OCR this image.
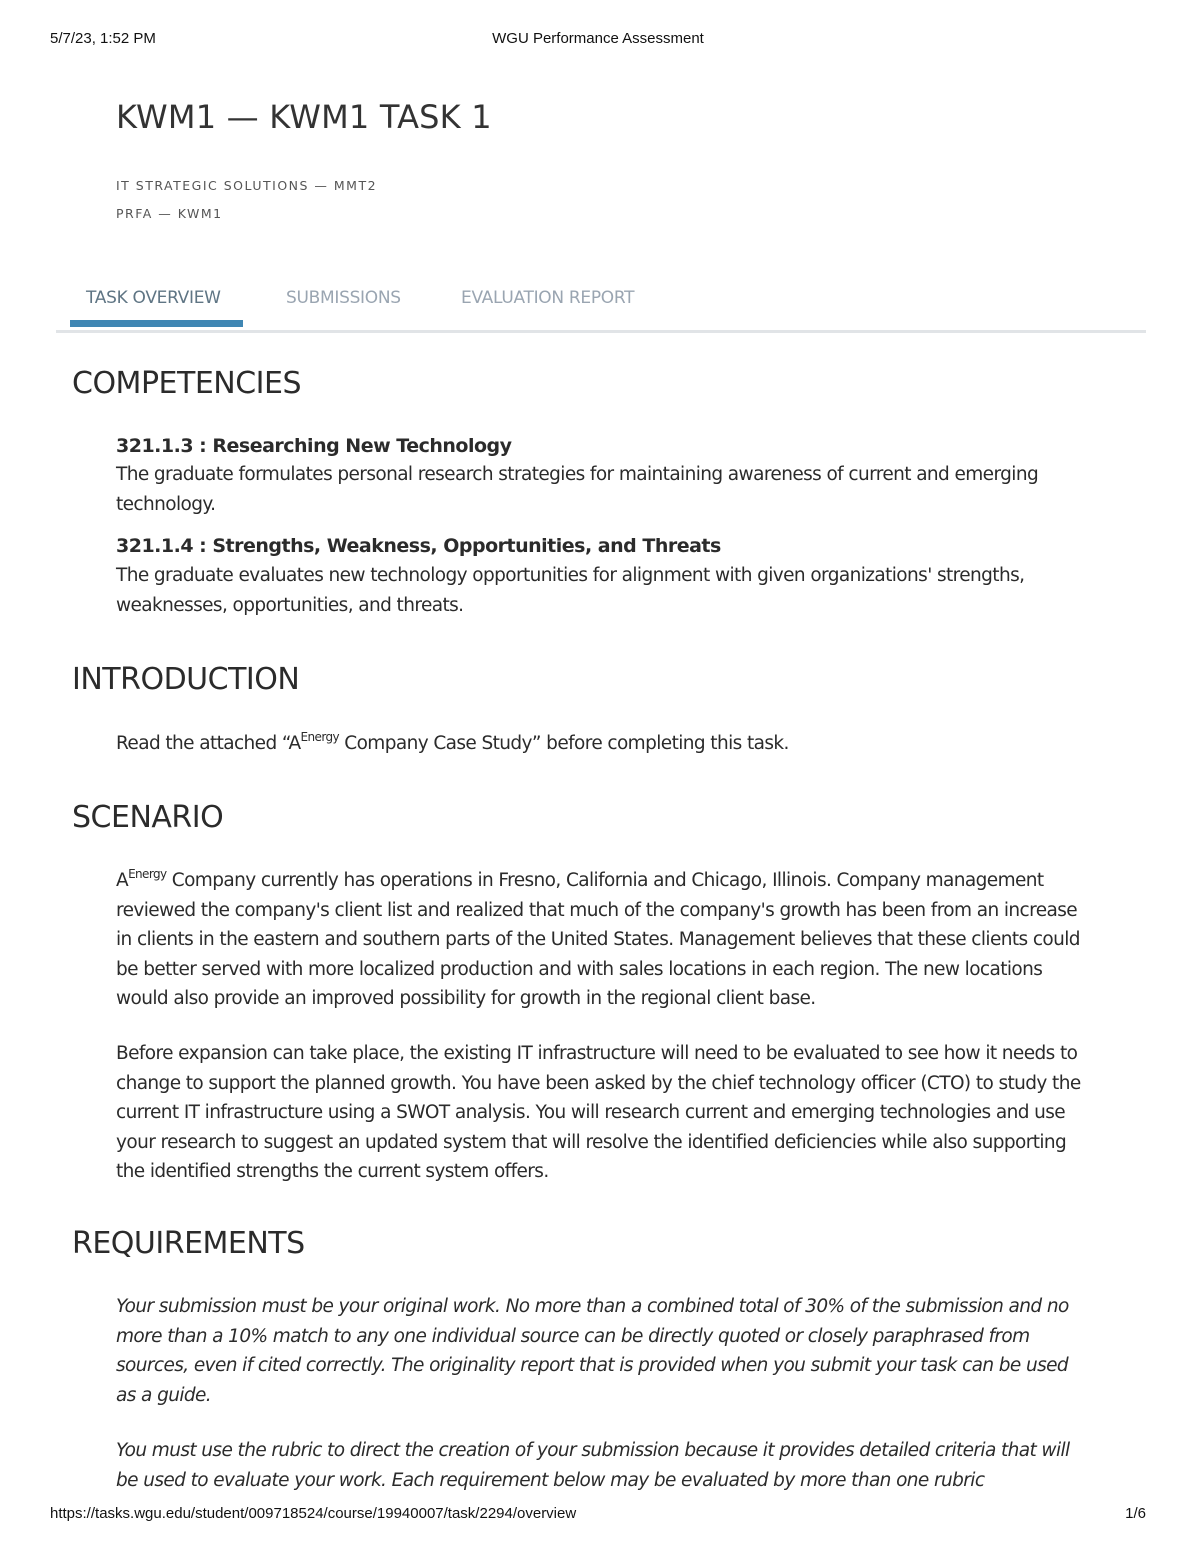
5/7/23, 1:52 PM	WGU Performance Assessment
KWM1 — KWM1 TASK 1
IT STRATEGIC SOLUTIONS — MMT2
PRFA — KWM1
TASK OVERVIEW	SUBMISSIONS	EVALUATION REPORT
COMPETENCIES
321.1.3 : Researching New Technology

The graduate formulates personal research strategies for maintaining awareness of current and emerging technology.

321.1.4 : Strengths, Weakness, Opportunities, and Threats

The graduate evaluates new technology opportunities for alignment with given organizations' strengths, weaknesses, opportunities, and threats.

INTRODUCTION

Read the attached “$A^{Energy}$ Company Case Study” before completing this task.

SCENARIO

$A^{Energy}$ Company currently has operations in Fresno, California and Chicago, Illinois. Company management reviewed the company's client list and realized that much of the company's growth has been from an increase in clients in the eastern and southern parts of the United States. Management believes that these clients could be better served with more localized production and with sales locations in each region. The new locations would also provide an improved possibility for growth in the regional client base.

Before expansion can take place, the existing IT infrastructure will need to be evaluated to see how it needs to change to support the planned growth. You have been asked by the chief technology officer (CTO) to study the current IT infrastructure using a SWOT analysis. You will research current and emerging technologies and use your research to suggest an updated system that will resolve the identified deficiencies while also supporting the identified strengths the current system offers.

REQUIREMENTS

Your submission must be your original work. No more than a combined total of 30% of the submission and no more than a 10% match to any one individual source can be directly quoted or closely paraphrased from sources, even if cited correctly. The originality report that is provided when you submit your task can be used as a guide.

You must use the rubric to direct the creation of your submission because it provides detailed criteria that will be used to evaluate your work. Each requirement below may be evaluated by more than one rubric

https://tasks.wgu.edu/student/009718524/course/19940007/task/2294/overview	1/6
